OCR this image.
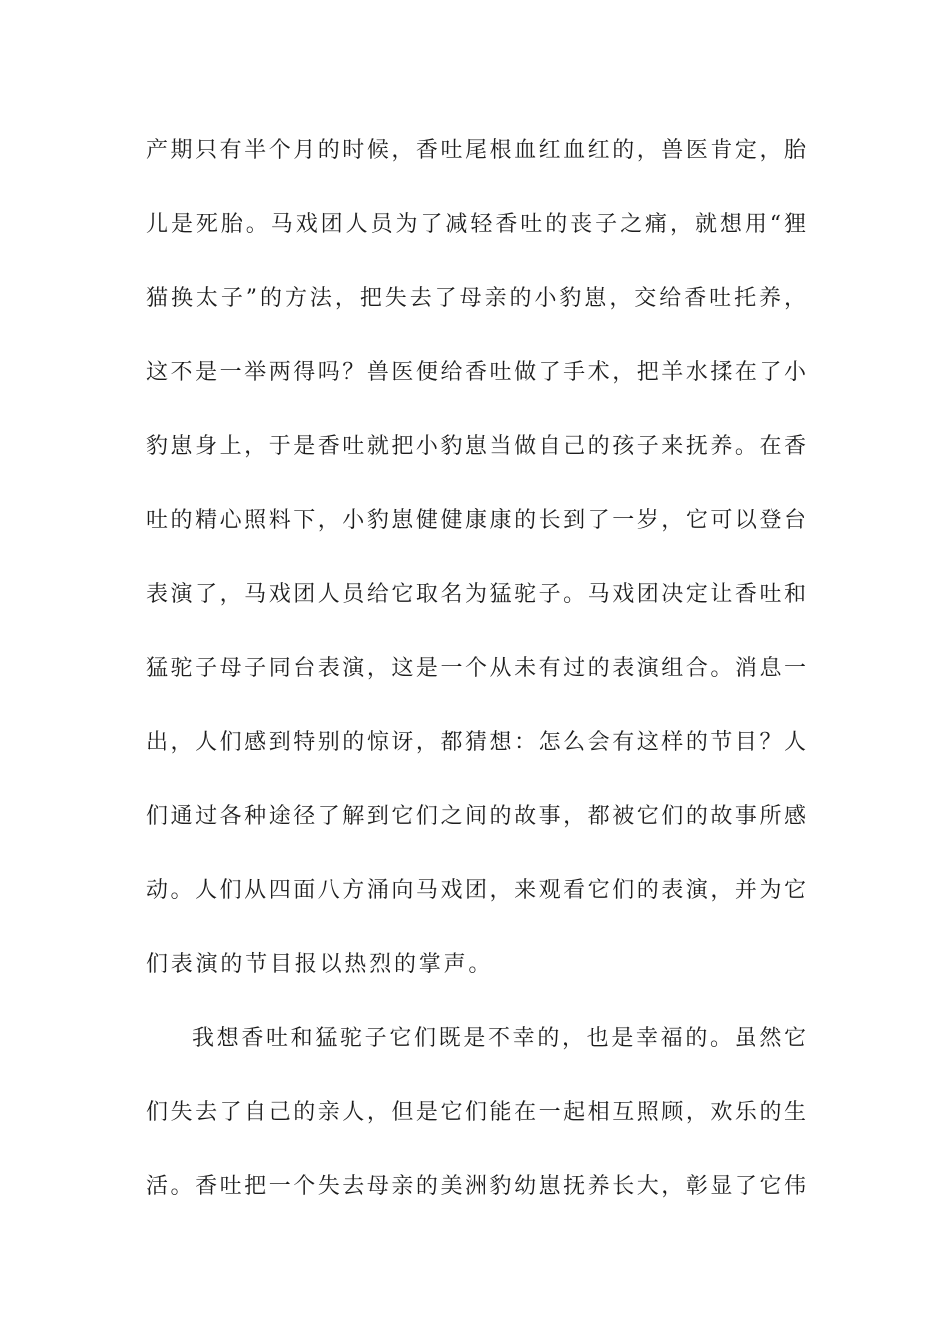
产期只有半个月的时候，香吐尾根血红血红的，兽医肯定，胎
儿是死胎。马戏团人员为了减轻香吐的丧子之痛，就想用“狸
猫换太子”的方法，把失去了母亲的小豹崽，交给香吐托养，
这不是一举两得吗？兽医便给香吐做了手术，把羊水揉在了小
豹崽身上，于是香吐就把小豹崽当做自己的孩子来抚养。在香
吐的精心照料下，小豹崽健健康康的长到了一岁，它可以登台
表演了，马戏团人员给它取名为猛驼子。马戏团决定让香吐和
猛驼子母子同台表演，这是一个从未有过的表演组合。消息一
出，人们感到特别的惊讶，都猜想：怎么会有这样的节目？人
们通过各种途径了解到它们之间的故事，都被它们的故事所感
动。人们从四面八方涌向马戏团，来观看它们的表演，并为它
们表演的节目报以热烈的掌声。
我想香吐和猛驼子它们既是不幸的，也是幸福的。虽然它
们失去了自己的亲人，但是它们能在一起相互照顾，欢乐的生
活。香吐把一个失去母亲的美洲豹幼崽抚养长大，彰显了它伟
